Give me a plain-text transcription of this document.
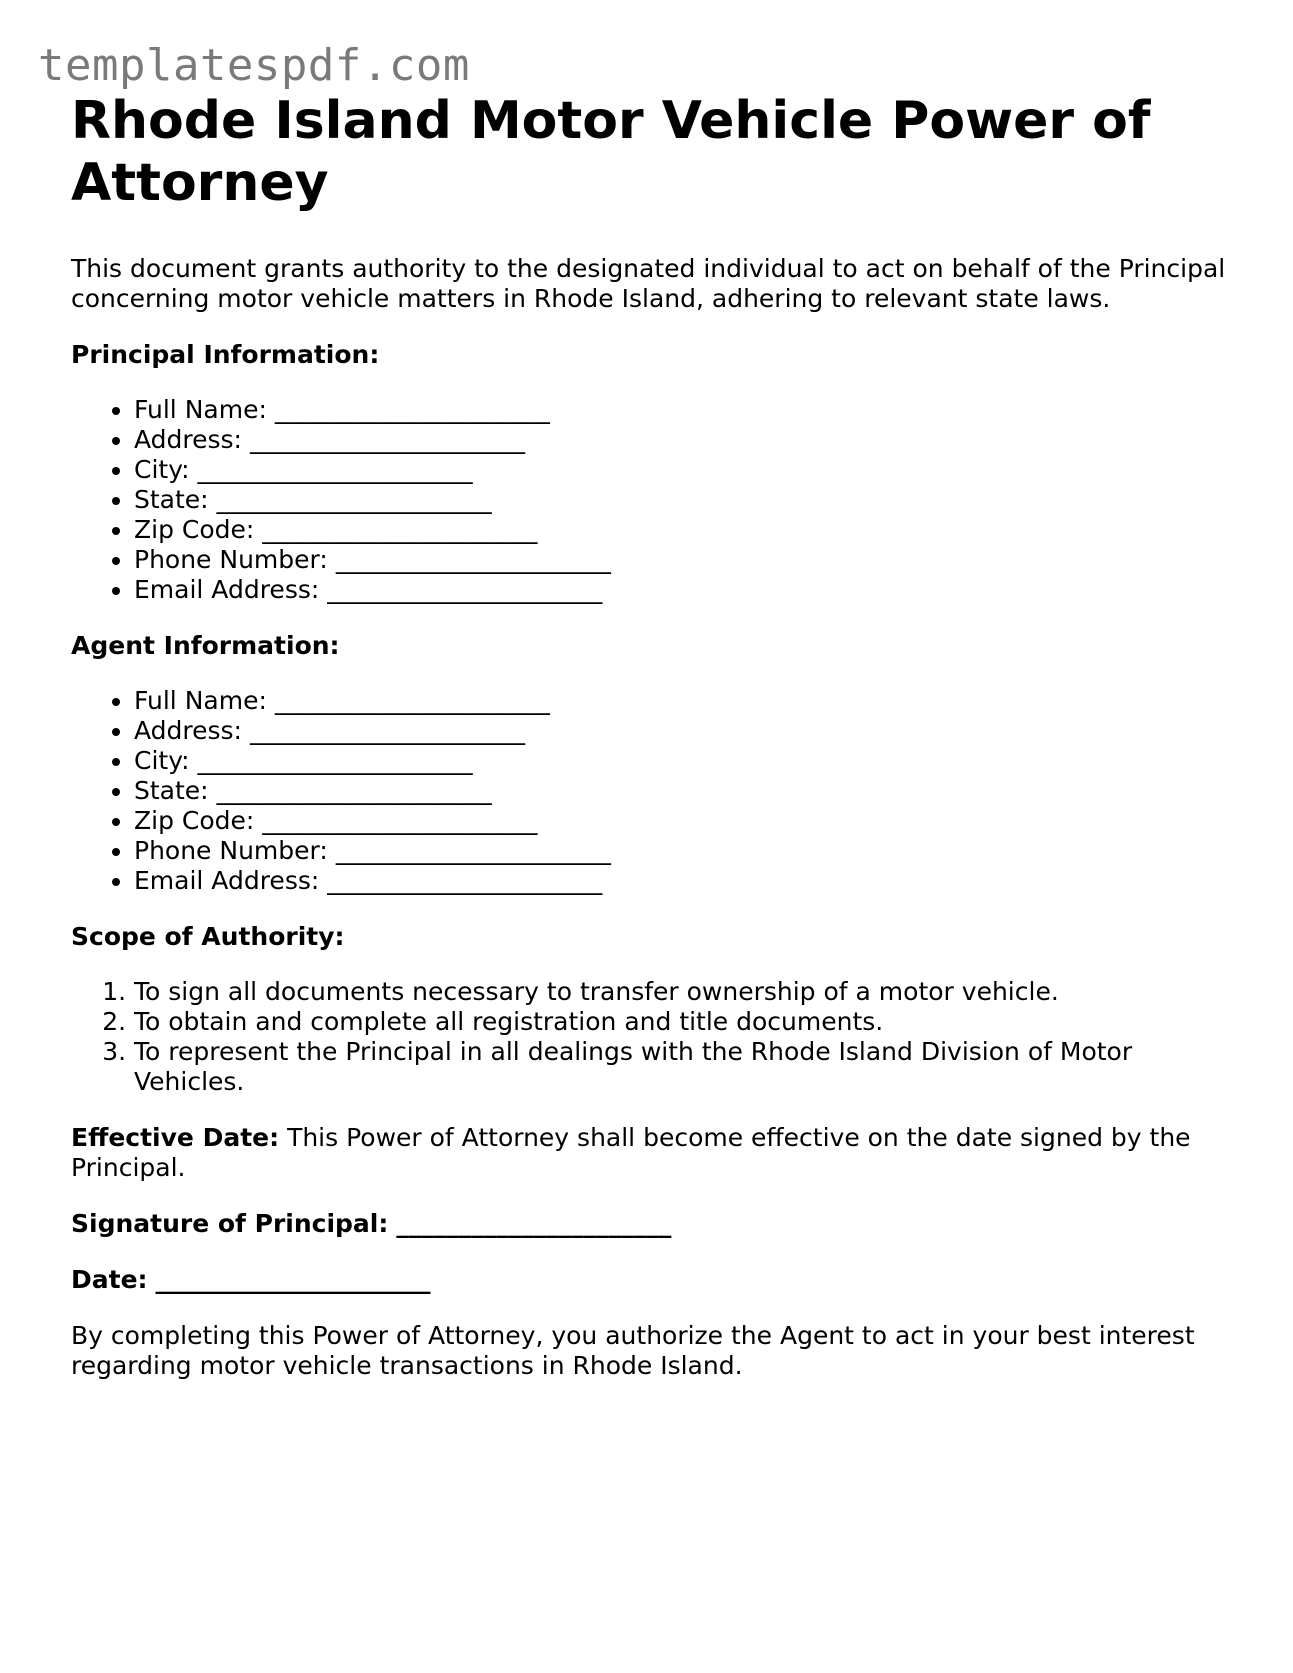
templatespdf.com
Rhode Island Motor Vehicle Power of Attorney

This document grants authority to the designated individual to act on behalf of the Principal concerning motor vehicle matters in Rhode Island, adhering to relevant state laws.

Principal Information:

• Full Name: ______________________
• Address: ______________________
• City: ______________________
• State: ______________________
• Zip Code: ______________________
• Phone Number: ______________________
• Email Address: ______________________

Agent Information:

• Full Name: ______________________
• Address: ______________________
• City: ______________________
• State: ______________________
• Zip Code: ______________________
• Phone Number: ______________________
• Email Address: ______________________

Scope of Authority:

1. To sign all documents necessary to transfer ownership of a motor vehicle.
2. To obtain and complete all registration and title documents.
3. To represent the Principal in all dealings with the Rhode Island Division of Motor Vehicles.

Effective Date: This Power of Attorney shall become effective on the date signed by the Principal.

Signature of Principal: ______________________

Date: ______________________

By completing this Power of Attorney, you authorize the Agent to act in your best interest regarding motor vehicle transactions in Rhode Island.
